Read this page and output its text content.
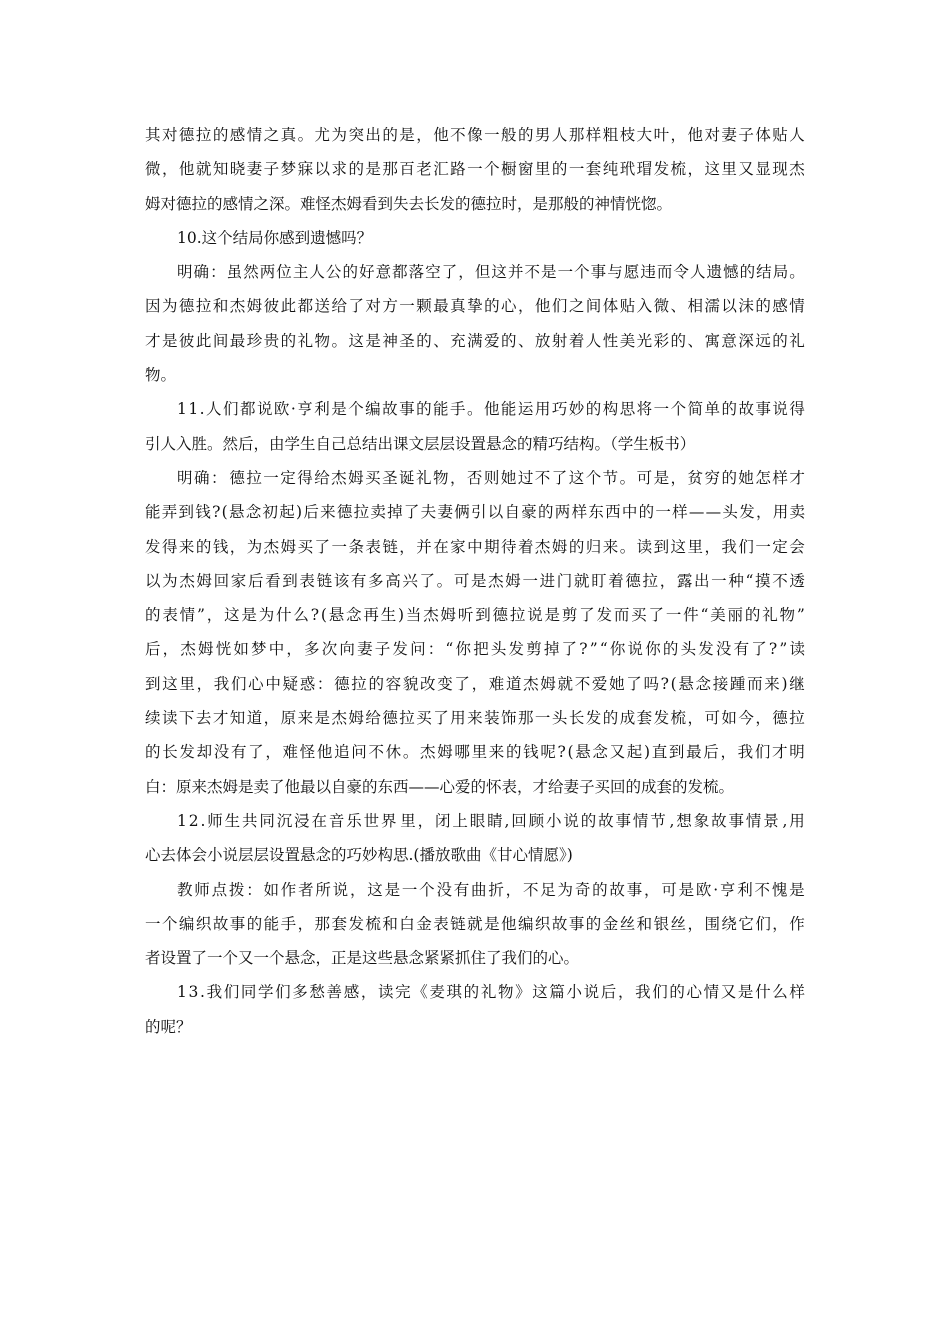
其 对 德 拉 的 感 情 之 真 。 尤 为 突 出 的 是 ， 他 不 像 一 般 的 男 人 那 样 粗 枝 大 叶 ， 他 对 妻 子 体 贴 人
微 ， 他 就 知 晓 妻 子 梦 寐 以 求 的 是 那 百 老 汇 路 一 个 橱 窗 里 的 一 套 纯 玳 瑁 发 梳 ， 这 里 又 显 现 杰
姆对德拉的感情之深。难怪杰姆看到失去长发的德拉时，是那般的神情恍惚。
10.这个结局你感到遗憾吗？
明 确 ： 虽 然 两 位 主 人 公 的 好 意 都 落 空 了 ， 但 这 并 不 是 一 个 事 与 愿 违 而 令 人 遗 憾 的 结 局 。
因 为 德 拉 和 杰 姆 彼 此 都 送 给 了 对 方 一 颗 最 真 挚 的 心 ， 他 们 之 间 体 贴 入 微 、 相 濡 以 沫 的 感 情
才 是 彼 此 间 最 珍 贵 的 礼 物 。 这 是 神 圣 的 、 充 满 爱 的 、 放 射 着 人 性 美 光 彩 的 、 寓 意 深 远 的 礼
物。
1 1 . 人 们 都 说 欧 · 亨 利 是 个 编 故 事 的 能 手 。 他 能 运 用 巧 妙 的 构 思 将 一 个 简 单 的 故 事 说 得
引人入胜。然后，由学生自己总结出课文层层设置悬念的精巧结构。（学生板书）
明 确 ： 德 拉 一 定 得 给 杰 姆 买 圣 诞 礼 物 ， 否 则 她 过 不 了 这 个 节 。 可 是 ， 贫 穷 的 她 怎 样 才
能 弄 到 钱 ? ( 悬 念 初 起 ) 后 来 德 拉 卖 掉 了 夫 妻 俩 引 以 自 豪 的 两 样 东 西 中 的 一 样 — — 头 发 ， 用 卖
发 得 来 的 钱 ， 为 杰 姆 买 了 一 条 表 链 ， 并 在 家 中 期 待 着 杰 姆 的 归 来 。 读 到 这 里 ， 我 们 一 定 会
以 为 杰 姆 回 家 后 看 到 表 链 该 有 多 高 兴 了 。 可 是 杰 姆 一 进 门 就 盯 着 德 拉 ， 露 出 一 种 “ 摸 不 透
的 表 情 ” ， 这 是 为 什 么 ? ( 悬 念 再 生 ) 当 杰 姆 听 到 德 拉 说 是 剪 了 发 而 买 了 一 件 “ 美 丽 的 礼 物 ”
后 ， 杰 姆 恍 如 梦 中 ， 多 次 向 妻 子 发 问 ： “ 你 把 头 发 剪 掉 了 ? ” “ 你 说 你 的 头 发 没 有 了 ? ” 读
到 这 里 ， 我 们 心 中 疑 惑 ： 德 拉 的 容 貌 改 变 了 ， 难 道 杰 姆 就 不 爱 她 了 吗 ? ( 悬 念 接 踵 而 来 ) 继
续 读 下 去 才 知 道 ， 原 来 是 杰 姆 给 德 拉 买 了 用 来 装 饰 那 一 头 长 发 的 成 套 发 梳 ， 可 如 今 ， 德 拉
的 长 发 却 没 有 了 ， 难 怪 他 追 问 不 休 。 杰 姆 哪 里 来 的 钱 呢 ? ( 悬 念 又 起 ) 直 到 最 后 ， 我 们 才 明
白：原来杰姆是卖了他最以自豪的东西——心爱的怀表，才给妻子买回的成套的发梳。
1 2 . 师 生 共 同 沉 浸 在 音 乐 世 界 里 ， 闭 上 眼 睛 , 回 顾 小 说 的 故 事 情 节 , 想 象 故 事 情 景 , 用
心去体会小说层层设置悬念的巧妙构思.(播放歌曲《甘心情愿》)
教 师 点 拨 ： 如 作 者 所 说 ， 这 是 一 个 没 有 曲 折 ， 不 足 为 奇 的 故 事 ， 可 是 欧 · 亨 利 不 愧 是
一 个 编 织 故 事 的 能 手 ， 那 套 发 梳 和 白 金 表 链 就 是 他 编 织 故 事 的 金 丝 和 银 丝 ， 围 绕 它 们 ， 作
者设置了一个又一个悬念，正是这些悬念紧紧抓住了我们的心。
1 3 . 我 们 同 学 们 多 愁 善 感 ， 读 完 《 麦 琪 的 礼 物 》 这 篇 小 说 后 ， 我 们 的 心 情 又 是 什 么 样
的呢？
